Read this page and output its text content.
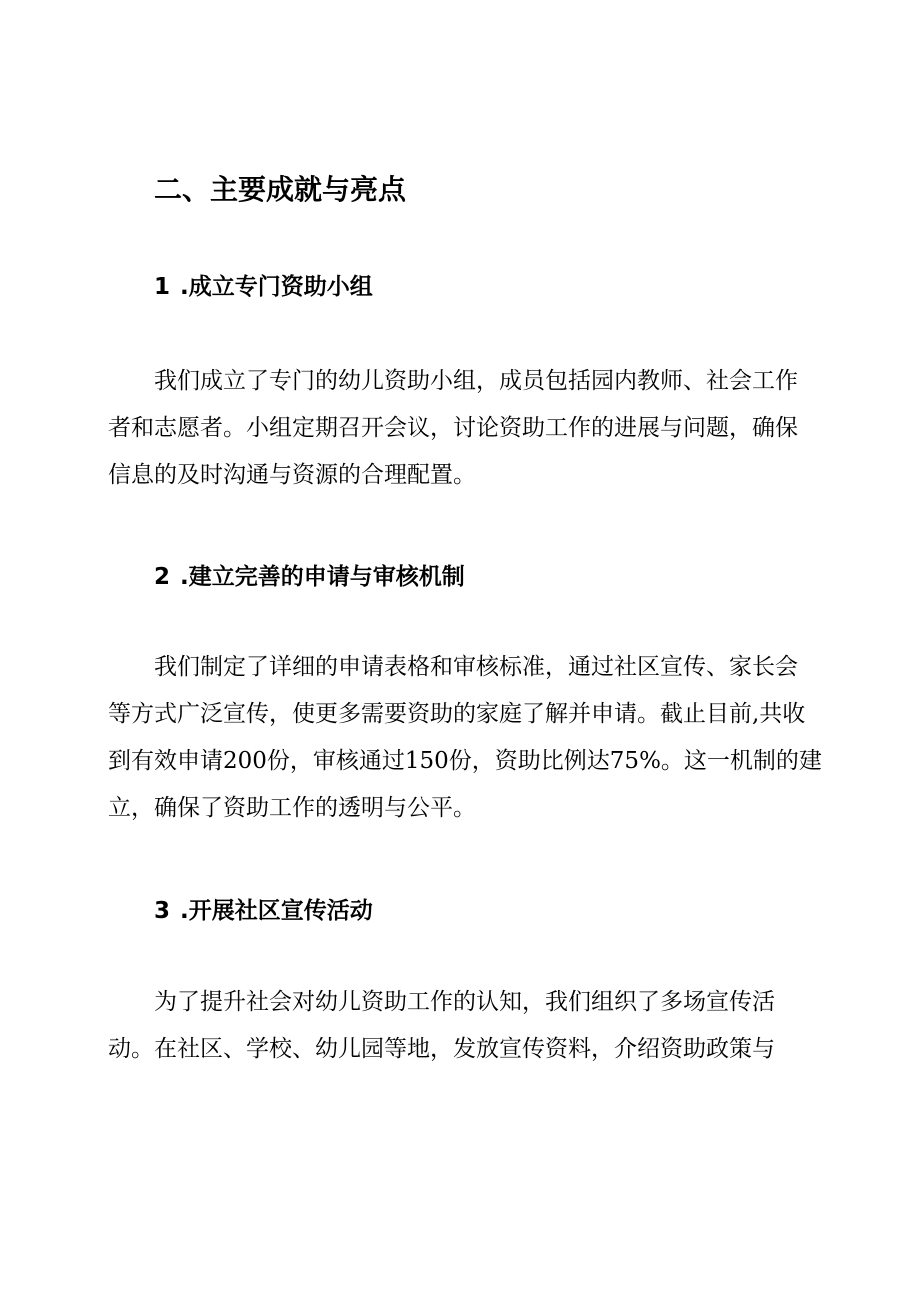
二、主要成就与亮点
1 .成立专门资助小组
我们成立了专门的幼儿资助小组，成员包括园内教师、社会工作
者和志愿者。小组定期召开会议，讨论资助工作的进展与问题，确保
信息的及时沟通与资源的合理配置。
2 .建立完善的申请与审核机制
我们制定了详细的申请表格和审核标准，通过社区宣传、家长会
等方式广泛宣传，使更多需要资助的家庭了解并申请。截止目前,共收
到有效申请200份，审核通过150份，资助比例达75%。这一机制的建
立，确保了资助工作的透明与公平。
3 .开展社区宣传活动
为了提升社会对幼儿资助工作的认知，我们组织了多场宣传活
动。在社区、学校、幼儿园等地，发放宣传资料，介绍资助政策与
